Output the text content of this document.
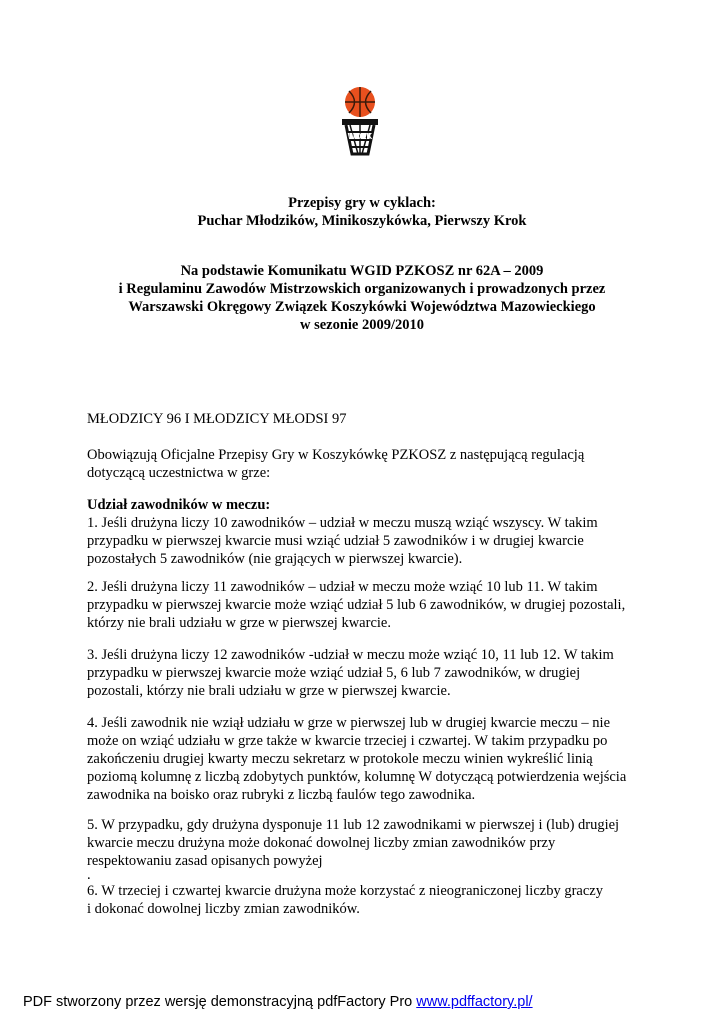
WOZK
Przepisy gry w cyklach:
Puchar Młodzików, Minikoszykówka, Pierwszy Krok
Na podstawie Komunikatu WGID PZKOSZ nr 62A – 2009
i Regulaminu Zawodów Mistrzowskich organizowanych i prowadzonych przez
Warszawski Okręgowy Związek Koszykówki Województwa Mazowieckiego
w sezonie 2009/2010
MŁODZICY 96 I MŁODZICY MŁODSI 97

Obowiązują Oficjalne Przepisy Gry w Koszykówkę PZKOSZ z następującą regulacją
dotyczącą uczestnictwa w grze:

Udział zawodników w meczu:

1. Jeśli drużyna liczy 10 zawodników – udział w meczu muszą wziąć wszyscy. W takim
przypadku w pierwszej kwarcie musi wziąć udział 5 zawodników i w drugiej kwarcie
pozostałych 5 zawodników (nie grających w pierwszej kwarcie).

2. Jeśli drużyna liczy 11 zawodników – udział w meczu może wziąć 10 lub 11. W takim
przypadku w pierwszej kwarcie może wziąć udział 5 lub 6 zawodników, w drugiej pozostali,
którzy nie brali udziału w grze w pierwszej kwarcie.

3. Jeśli drużyna liczy 12 zawodników -udział w meczu może wziąć 10, 11 lub 12. W takim
przypadku w pierwszej kwarcie może wziąć udział 5, 6 lub 7 zawodników, w drugiej
pozostali, którzy nie brali udziału w grze w pierwszej kwarcie.

4. Jeśli zawodnik nie wziął udziału w grze w pierwszej lub w drugiej kwarcie meczu – nie
może on wziąć udziału w grze także w kwarcie trzeciej i czwartej. W takim przypadku po
zakończeniu drugiej kwarty meczu sekretarz w protokole meczu winien wykreślić linią
poziomą kolumnę z liczbą zdobytych punktów, kolumnę W dotyczącą potwierdzenia wejścia
zawodnika na boisko oraz rubryki z liczbą faulów tego zawodnika.

5. W przypadku, gdy drużyna dysponuje 11 lub 12 zawodnikami w pierwszej i (lub) drugiej
kwarcie meczu drużyna może dokonać dowolnej liczby zmian zawodników przy
respektowaniu zasad opisanych powyżej

.

6. W trzeciej i czwartej kwarcie drużyna może korzystać z nieograniczonej liczby graczy
i dokonać dowolnej liczby zmian zawodników.

PDF stworzony przez wersję demonstracyjną pdfFactory Pro www.pdffactory.pl/
